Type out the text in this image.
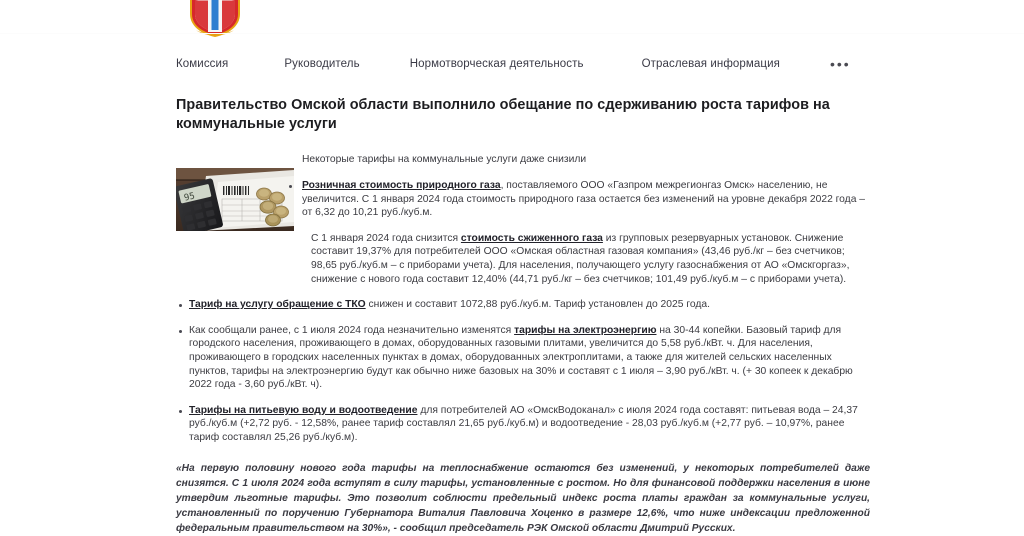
Комиссия	Руководитель	Нормотворческая деятельность	Отраслевая информация	•••
Правительство Омской области выполнило обещание по сдерживанию роста тарифов на коммунальные услуги
95

Некоторые тарифы на коммунальные услуги даже снизили

Розничная стоимость природного газа, поставляемого ООО «Газпром межрегионгаз Омск» населению, не увеличится. С 1 января 2024 года стоимость природного газа остается без изменений на уровне декабря 2022 года – от 6,32 до 10,21 руб./куб.м.
С 1 января 2024 года снизится стоимость сжиженного газа из групповых резервуарных установок. Снижение составит 19,37% для потребителей ООО «Омская областная газовая компания» (43,46 руб./кг – без счетчиков; 98,65 руб./куб.м – с приборами учета). Для населения, получающего услугу газоснабжения от АО «Омскгоргаз», снижение с нового года составит 12,40% (44,71 руб./кг – без счетчиков; 101,49 руб./куб.м – с приборами учета).
Тариф на услугу обращение с ТКО снижен и составит 1072,88 руб./куб.м. Тариф установлен до 2025 года.
Как сообщали ранее, с 1 июля 2024 года незначительно изменятся тарифы на электроэнергию на 30-44 копейки. Базовый тариф для городского населения, проживающего в домах, оборудованных газовыми плитами, увеличится до 5,58 руб./кВт. ч. Для населения, проживающего в городских населенных пунктах в домах, оборудованных электроплитами, а также для жителей сельских населенных пунктов, тарифы на электроэнергию будут как обычно ниже базовых на 30% и составят с 1 июля – 3,90 руб./кВт. ч. (+ 30 копеек к декабрю 2022 года - 3,60 руб./кВт. ч).
Тарифы на питьевую воду и водоотведение для потребителей АО «ОмскВодоканал» с июля 2024 года составят: питьевая вода – 24,37 руб./куб.м (+2,72 руб. - 12,58%, ранее тариф составлял 21,65 руб./куб.м) и водоотведение - 28,03 руб./куб.м (+2,77 руб. – 10,97%, ранее тариф составлял 25,26 руб./куб.м).

«На первую половину нового года тарифы на теплоснабжение остаются без изменений, у некоторых потребителей даже снизятся. С 1 июля 2024 года вступят в силу тарифы, установленные с ростом. Но для финансовой поддержки населения в июне утвердим льготные тарифы. Это позволит соблюсти предельный индекс роста платы граждан за коммунальные услуги, установленный по поручению Губернатора Виталия Павловича Хоценко в размере 12,6%, что ниже индексации предложенной федеральным правительством на 30%», - сообщил председатель РЭК Омской области Дмитрий Русских.
